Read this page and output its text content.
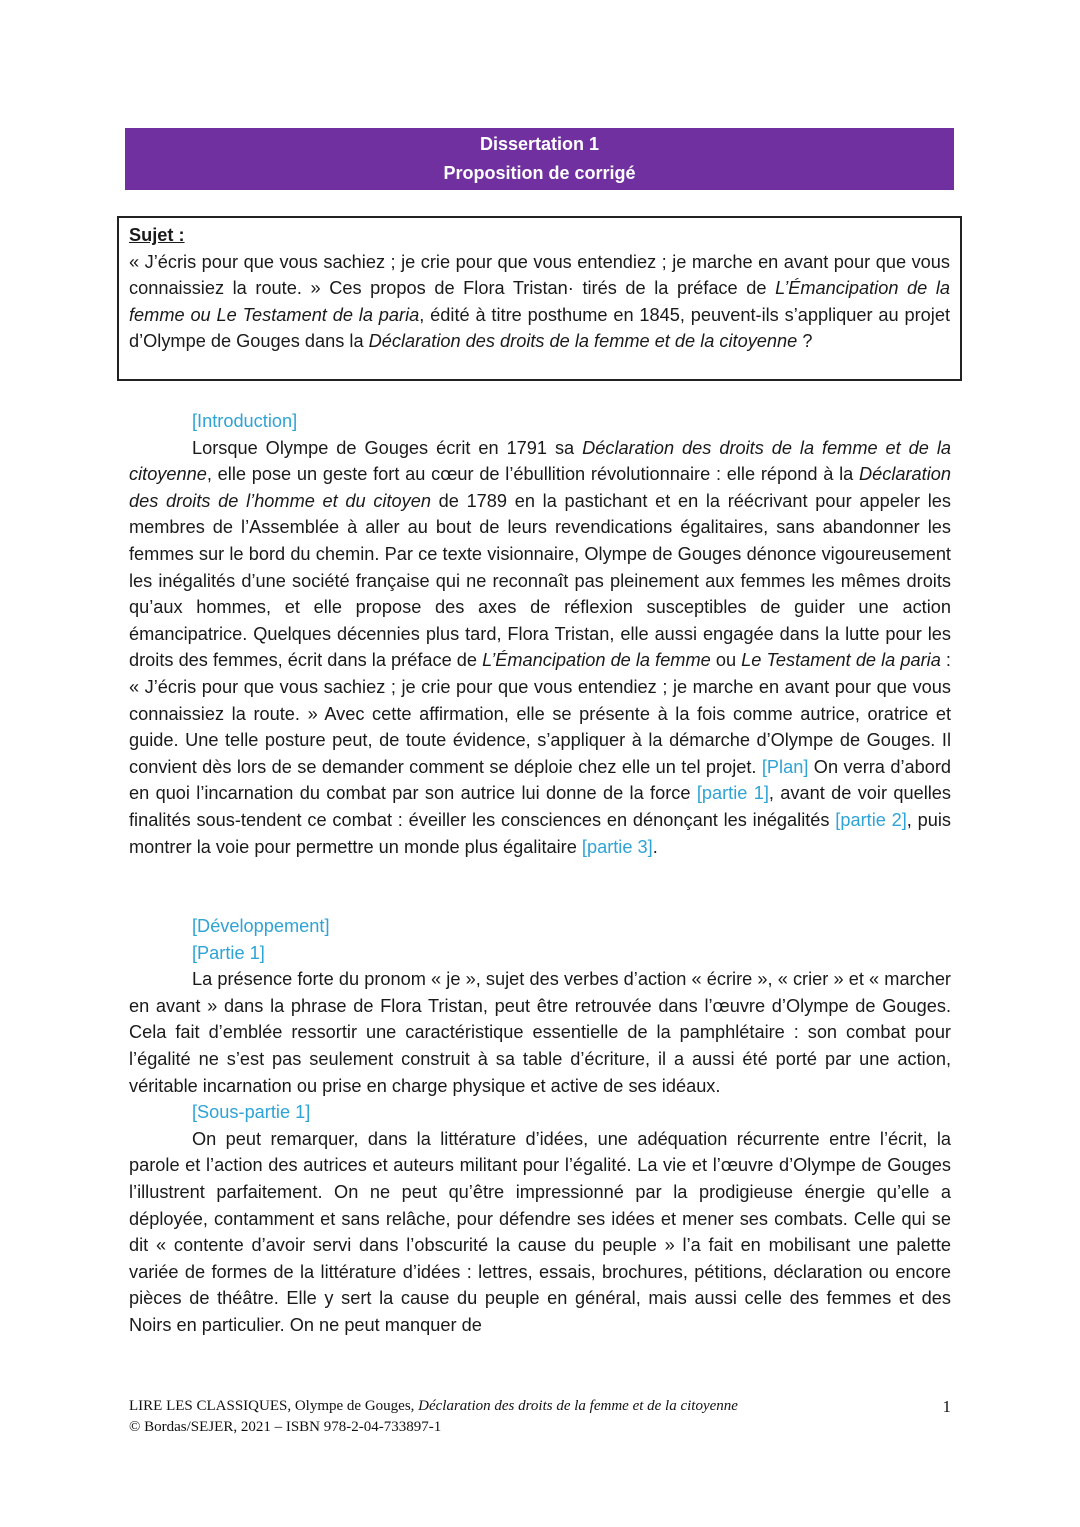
Dissertation 1
Proposition de corrigé
Sujet :
« J’écris pour que vous sachiez ; je crie pour que vous entendiez ; je marche en avant pour que vous connaissiez la route. » Ces propos de Flora Tristan· tirés de la préface de L’Émancipation de la femme ou Le Testament de la paria, édité à titre posthume en 1845, peuvent-ils s’appliquer au projet d’Olympe de Gouges dans la Déclaration des droits de la femme et de la citoyenne ?
[Introduction]

Lorsque Olympe de Gouges écrit en 1791 sa Déclaration des droits de la femme et de la citoyenne, elle pose un geste fort au cœur de l’ébullition révolutionnaire : elle répond à la Déclaration des droits de l’homme et du citoyen de 1789 en la pastichant et en la réécrivant pour appeler les membres de l’Assemblée à aller au bout de leurs revendications égalitaires, sans abandonner les femmes sur le bord du chemin. Par ce texte visionnaire, Olympe de Gouges dénonce vigoureusement les inégalités d’une société française qui ne reconnaît pas pleinement aux femmes les mêmes droits qu’aux hommes, et elle propose des axes de réflexion susceptibles de guider une action émancipatrice. Quelques décennies plus tard, Flora Tristan, elle aussi engagée dans la lutte pour les droits des femmes, écrit dans la préface de L’Émancipation de la femme ou Le Testament de la paria : « J’écris pour que vous sachiez ; je crie pour que vous entendiez ; je marche en avant pour que vous connaissiez la route. » Avec cette affirmation, elle se présente à la fois comme autrice, oratrice et guide. Une telle posture peut, de toute évidence, s’appliquer à la démarche d’Olympe de Gouges. Il convient dès lors de se demander comment se déploie chez elle un tel projet. [Plan] On verra d’abord en quoi l’incarnation du combat par son autrice lui donne de la force [partie 1], avant de voir quelles finalités sous-tendent ce combat : éveiller les consciences en dénonçant les inégalités [partie 2], puis montrer la voie pour permettre un monde plus égalitaire [partie 3].

[Développement]
[Partie 1]

La présence forte du pronom « je », sujet des verbes d’action « écrire », « crier » et « marcher en avant » dans la phrase de Flora Tristan, peut être retrouvée dans l’œuvre d’Olympe de Gouges. Cela fait d’emblée ressortir une caractéristique essentielle de la pamphlétaire : son combat pour l’égalité ne s’est pas seulement construit à sa table d’écriture, il a aussi été porté par une action, véritable incarnation ou prise en charge physique et active de ses idéaux.

[Sous-partie 1]

On peut remarquer, dans la littérature d’idées, une adéquation récurrente entre l’écrit, la parole et l’action des autrices et auteurs militant pour l’égalité. La vie et l’œuvre d’Olympe de Gouges l’illustrent parfaitement. On ne peut qu’être impressionné par la prodigieuse énergie qu’elle a déployée, contamment et sans relâche, pour défendre ses idées et mener ses combats. Celle qui se dit « contente d’avoir servi dans l’obscurité la cause du peuple » l’a fait en mobilisant une palette variée de formes de la littérature d’idées : lettres, essais, brochures, pétitions, déclaration ou encore pièces de théâtre. Elle y sert la cause du peuple en général, mais aussi celle des femmes et des Noirs en particulier. On ne peut manquer de

LIRE LES CLASSIQUES, Olympe de Gouges, Déclaration des droits de la femme et de la citoyenne	1
© Bordas/SEJER, 2021 – ISBN 978-2-04-733897-1
